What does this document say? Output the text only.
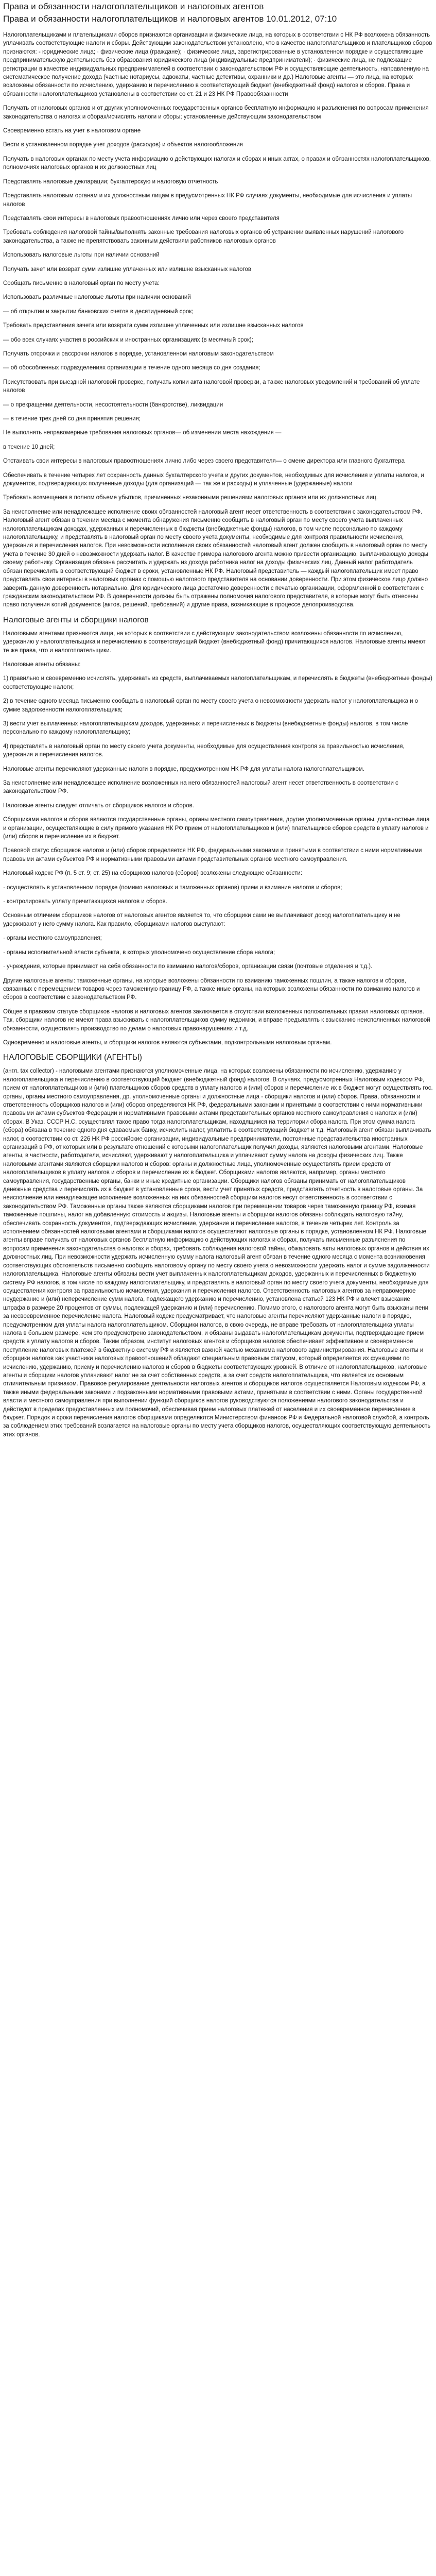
Права и обязанности налогоплательщиков и налоговых агентов
Права и обязанности налогоплательщиков и налоговых агентов 10.01.2012, 07:10

Налогоплательщиками и плательщиками сборов признаются организации и физические лица, на которых в соответствии с НК РФ возложена обязанность уплачивать соответствующие налоги и сборы. Действующим законодательством установлено, что в качестве налогоплательщиков и плательщиков сборов признаются: - юридические лица; · физические лица (граждане); · физические лица, зарегистрированные в установленном порядке и осуществляющие предпринимательскую деятельность без образования юридического лица (индивидуальные предприниматели); · физические лица, не подлежащие регистрации в качестве индивидуальных предпринимателей в соответствии с законодательством РФ и осуществляющие деятельность, направленную на систематическое получение дохода (частные нотариусы, адвокаты, частные детективы, охранники и др.) Налоговые агенты — это лица, на которых возложены обязанности по исчислению, удержанию и перечислению в соответствующий бюджет (внебюджетный фонд) налогов и сборов. Права и обязанности налогоплательщиков установлены в соответствии со ст. 21 и 23 НК РФ Правообязанности

Получать от налоговых органов и от других уполномоченных государственных органов бесплатную информацию и разъяснения по вопросам применения законодательства о налогах и сборах/исчислять налоги и сборы; установленные действующим законодательством

Своевременно встать на учет в налоговом органе

Вести в установленном порядке учет доходов (расходов) и объектов налогообложения

Получать в налоговых органах по месту учета информацию о действующих налогах и сборах и иных актах, о правах и обязанностях налогоплательщиков, полномочиях налоговых органов и их должностных лиц

Представлять налоговые декларации; бухгалтерскую и налоговую отчетность

Представлять налоговым органам и их должностным лицам в предусмотренных НК РФ случаях документы, необходимые для исчисления и уплаты налогов

Представлять свои интересы в налоговых правоотношениях лично или через своего представителя

Требовать соблюдения налоговой тайны/выполнять законные требования налоговых органов об устранении выявленных нарушений налогового законодательства, а также не препятствовать законным действиям работников налоговых органов

Использовать налоговые льготы при наличии оснований

Получать зачет или возврат сумм излишне уплаченных или излишне взысканных налогов

Сообщать письменно в налоговый орган по месту учета:

Использовать различные налоговые льготы при наличии оснований

— об открытии и закрытии банковских счетов в десятидневный срок;

Требовать представления зачета или возврата сумм излишне уплаченных или излишне взысканных налогов

— обо всех случаях участия в российских и иностранных организациях (в месячный срок);

Получать отсрочки и рассрочки налогов в порядке, установленном налоговым законодательством

— об обособленных подразделениях организации в течение одного месяца со дня создания;

Присутствовать при выездной налоговой проверке, получать копии акта налоговой проверки, а также налоговых уведомлений и требований об уплате налогов

— о прекращении деятельности, несостоятельности (банкротстве), ликвидации

— в течение трех дней со дня принятия решения;

Не выполнять неправомерные требования налоговых органов— об изменении места нахождения —

в течение 10 дней;

Отстаивать свои интересы в налоговых правоотношениях лично либо через своего представителя— о смене директора или главного бухгалтера

Обеспечивать в течение четырех лет сохранность данных бухгалтерского учета и других документов, необходимых для исчисления и уплаты налогов, и документов, подтверждающих полученные доходы (для организаций — так же и расходы) и уплаченные (удержанные) налоги

Требовать возмещения в полном объеме убытков, причиненных незаконными решениями налоговых органов или их должностных лиц.

За неисполнение или ненадлежащее исполнение своих обязанностей налоговый агент несет ответственность в соответствии с законодательством РФ. Налоговый агент обязан в течении месяца с момента обнаружения письменно сообщить в налоговый орган по месту своего учета выплаченных налогоплательщикам доходах, удержанных и перечисленных в бюджеты (внебюджетные фонды) налогов, в том числе персонально по каждому налогоплательщику, и представлять в налоговый орган по месту своего учета документы, необходимые для контроля правильности исчисления, удержания и перечисления налогов. При невозможности исполнения своих обязанностей налоговый агент должен сообщить в налоговый орган по месту учета в течение 30 дней о невозможности удержать налог. В качестве примера налогового агента можно привести организацию, выплачивающую доходы своему работнику. Организация обязана рассчитать и удержать из дохода работника налог на доходы физических лиц. Данный налог работодатель обязан перечислить в соответствующий бюджет в сроки, установленные НК РФ. Налоговый представитель — каждый налогоплательщик имеет право представлять свои интересы в налоговых органах с помощью налогового представителя на основании доверенности. При этом физическое лицо должно заверить данную доверенность нотариально. Для юридического лица достаточно доверенности с печатью организации, оформленной в соответствии с гражданским законодательством РФ. В доверенности должны быть отражены полномочия налогового представителя, в которые могут быть отнесены право получения копий документов (актов, решений, требований) и другие права, возникающие в процессе делопроизводства.

Налоговые агенты и сборщики налогов

Налоговыми агентами признаются лица, на которых в соответствии с действующим законодательством возложены обязанности по исчислению, удержанию у налогоплательщика и перечислению в соответствующий бюджет (внебюджетный фонд) причитающихся налогов. Налоговые агенты имеют те же права, что и налогоплательщики.

Налоговые агенты обязаны:

1) правильно и своевременно исчислять, удерживать из средств, выплачиваемых налогоплательщикам, и перечислять в бюджеты (внебюджетные фонды) соответствующие налоги;

2) в течение одного месяца письменно сообщать в налоговый орган по месту своего учета о невозможности удержать налог у налогоплательщика и о сумме задолженности налогоплательщика;

3) вести учет выплаченных налогоплательщикам доходов, удержанных и перечисленных в бюджеты (внебюджетные фонды) налогов, в том числе персонально по каждому налогоплательщику;

4) представлять в налоговый орган по месту своего учета документы, необходимые для осуществления контроля за правильностью исчисления, удержания и перечисления налогов.

Налоговые агенты перечисляют удержанные налоги в порядке, предусмотренном НК РФ для уплаты налога налогоплательщиком.

За неисполнение или ненадлежащее исполнение возложенных на него обязанностей налоговый агент несет ответственность в соответствии с законодательством РФ.

Налоговые агенты следует отличать от сборщиков налогов и сборов.

Сборщиками налогов и сборов являются государственные органы, органы местного самоуправления, другие уполномоченные органы, должностные лица и организации, осуществляющие в силу прямого указания НК РФ прием от налогоплательщиков и (или) плательщиков сборов средств в уплату налогов и (или) сборов и перечисление их в бюджет.

Правовой статус сборщиков налогов и (или) сборов определяется НК РФ, федеральными законами и принятыми в соответствии с ними нормативными правовыми актами субъектов РФ и нормативными правовыми актами представительных органов местного самоуправления.

Налоговый кодекс РФ (п. 5 ст. 9; ст. 25) на сборщиков налогов (сборов) возложены следующие обязанности:

· осуществлять в установленном порядке (помимо налоговых и таможенных органов) прием и взимание налогов и сборов;

· контролировать уплату причитающихся налогов и сборов.

Основным отличием сборщиков налогов от налоговых агентов является то, что сборщики сами не выплачивают доход налогоплательщику и не удерживают у него сумму налога. Как правило, сборщиками налогов выступают:

· органы местного самоуправления;

· органы исполнительной власти субъекта, в которых уполномочено осуществление сбора налога;

· учреждения, которые принимают на себя обязанности по взиманию налогов/сборов, организации связи (почтовые отделения и т.д.).

Другие налоговые агенты: таможенные органы, на которые возложены обязанности по взиманию таможенных пошлин, а также налогов и сборов, связанных с перемещением товаров через таможенную границу РФ, а также иные органы, на которых возложены обязанности по взиманию налогов и сборов в соответствии с законодательством РФ.

Общее в правовом статусе сборщиков налогов и налоговых агентов заключается в отсутствии возложенных положительных правил налоговых органов. Так, сборщики налогов не имеют права взыскивать с налогоплательщиков сумму недоимки, и вправе предъявлять к взысканию неисполненных налоговой обязанности, осуществлять производство по делам о налоговых правонарушениях и т.д.

Одновременно и налоговые агенты, и сборщики налогов являются субъектами, подконтрольными налоговым органам.

НАЛОГОВЫЕ СБОРЩИКИ (АГЕНТЫ)

(англ. tax collector) - налоговыми агентами признаются уполномоченные лица, на которых возложены обязанности по исчислению, удержанию у налогоплательщика и перечислению в соответствующий бюджет (внебюджетный фонд) налогов. В случаях, предусмотренных Налоговым кодексом РФ, прием от налогоплательщиков и (или) плательщиков сборов средств в уплату налогов и (или) сборов и перечисление их в бюджет могут осуществлять гос. органы, органы местного самоуправления, др. уполномоченные органы и должностные лица - сборщики налогов и (или) сборов. Права, обязанности и ответственность сборщиков налогов и (или) сборов определяются НК РФ, федеральными законами и принятыми в соответствии с ними нормативными правовыми актами субъектов Федерации и нормативными правовыми актами представительных органов местного самоуправления о налогах и (или) сборах. В Указ. СССР Н.С. осуществлял такое право тогда налогоплательщикам, находящимся на территории сбора налога. При этом сумма налога (сбора) обязана в течение одного дня сдаваемых банку, исчислить налог, уплатить в соответствующий бюджет и т.д. Налоговый агент обязан выплачивать налог, в соответствии со ст. 226 НК РФ российские организации, индивидуальные предприниматели, постоянные представительства иностранных организаций в РФ, от которых или в результате отношений с которыми налогоплательщик получил доходы, являются налоговыми агентами. Налоговые агенты, в частности, работодатели, исчисляют, удерживают у налогоплательщика и уплачивают сумму налога на доходы физических лиц. Также налоговыми агентами являются сборщики налогов и сборов: органы и должностные лица, уполномоченные осуществлять прием средств от налогоплательщиков в уплату налогов и сборов и перечисление их в бюджет. Сборщиками налогов являются, например, органы местного самоуправления, государственные органы, банки и иные кредитные организации. Сборщики налогов обязаны принимать от налогоплательщиков денежные средства и перечислять их в бюджет в установленные сроки, вести учет принятых средств, представлять отчетность в налоговые органы. За неисполнение или ненадлежащее исполнение возложенных на них обязанностей сборщики налогов несут ответственность в соответствии с законодательством РФ. Таможенные органы также являются сборщиками налогов при перемещении товаров через таможенную границу РФ, взимая таможенные пошлины, налог на добавленную стоимость и акцизы. Налоговые агенты и сборщики налогов обязаны соблюдать налоговую тайну, обеспечивать сохранность документов, подтверждающих исчисление, удержание и перечисление налогов, в течение четырех лет. Контроль за исполнением обязанностей налоговыми агентами и сборщиками налогов осуществляют налоговые органы в порядке, установленном НК РФ. Налоговые агенты вправе получать от налоговых органов бесплатную информацию о действующих налогах и сборах, получать письменные разъяснения по вопросам применения законодательства о налогах и сборах, требовать соблюдения налоговой тайны, обжаловать акты налоговых органов и действия их должностных лиц. При невозможности удержать исчисленную сумму налога налоговый агент обязан в течение одного месяца с момента возникновения соответствующих обстоятельств письменно сообщить налоговому органу по месту своего учета о невозможности удержать налог и сумме задолженности налогоплательщика. Налоговые агенты обязаны вести учет выплаченных налогоплательщикам доходов, удержанных и перечисленных в бюджетную систему РФ налогов, в том числе по каждому налогоплательщику, и представлять в налоговый орган по месту своего учета документы, необходимые для осуществления контроля за правильностью исчисления, удержания и перечисления налогов. Ответственность налоговых агентов за неправомерное неудержание и (или) неперечисление сумм налога, подлежащего удержанию и перечислению, установлена статьей 123 НК РФ и влечет взыскание штрафа в размере 20 процентов от суммы, подлежащей удержанию и (или) перечислению. Помимо этого, с налогового агента могут быть взысканы пени за несвоевременное перечисление налога. Налоговый кодекс предусматривает, что налоговые агенты перечисляют удержанные налоги в порядке, предусмотренном для уплаты налога налогоплательщиком. Сборщики налогов, в свою очередь, не вправе требовать от налогоплательщика уплаты налога в большем размере, чем это предусмотрено законодательством, и обязаны выдавать налогоплательщикам документы, подтверждающие прием средств в уплату налогов и сборов. Таким образом, институт налоговых агентов и сборщиков налогов обеспечивает эффективное и своевременное поступление налоговых платежей в бюджетную систему РФ и является важной частью механизма налогового администрирования. Налоговые агенты и сборщики налогов как участники налоговых правоотношений обладают специальным правовым статусом, который определяется их функциями по исчислению, удержанию, приему и перечислению налогов и сборов в бюджеты соответствующих уровней. В отличие от налогоплательщиков, налоговые агенты и сборщики налогов уплачивают налог не за счет собственных средств, а за счет средств налогоплательщика, что является их основным отличительным признаком. Правовое регулирование деятельности налоговых агентов и сборщиков налогов осуществляется Налоговым кодексом РФ, а также иными федеральными законами и подзаконными нормативными правовыми актами, принятыми в соответствии с ними. Органы государственной власти и местного самоуправления при выполнении функций сборщиков налогов руководствуются положениями налогового законодательства и действуют в пределах предоставленных им полномочий, обеспечивая прием налоговых платежей от населения и их своевременное перечисление в бюджет. Порядок и сроки перечисления налогов сборщиками определяются Министерством финансов РФ и Федеральной налоговой службой, а контроль за соблюдением этих требований возлагается на налоговые органы по месту учета сборщиков налогов, осуществляющих соответствующую деятельность этих органов.
